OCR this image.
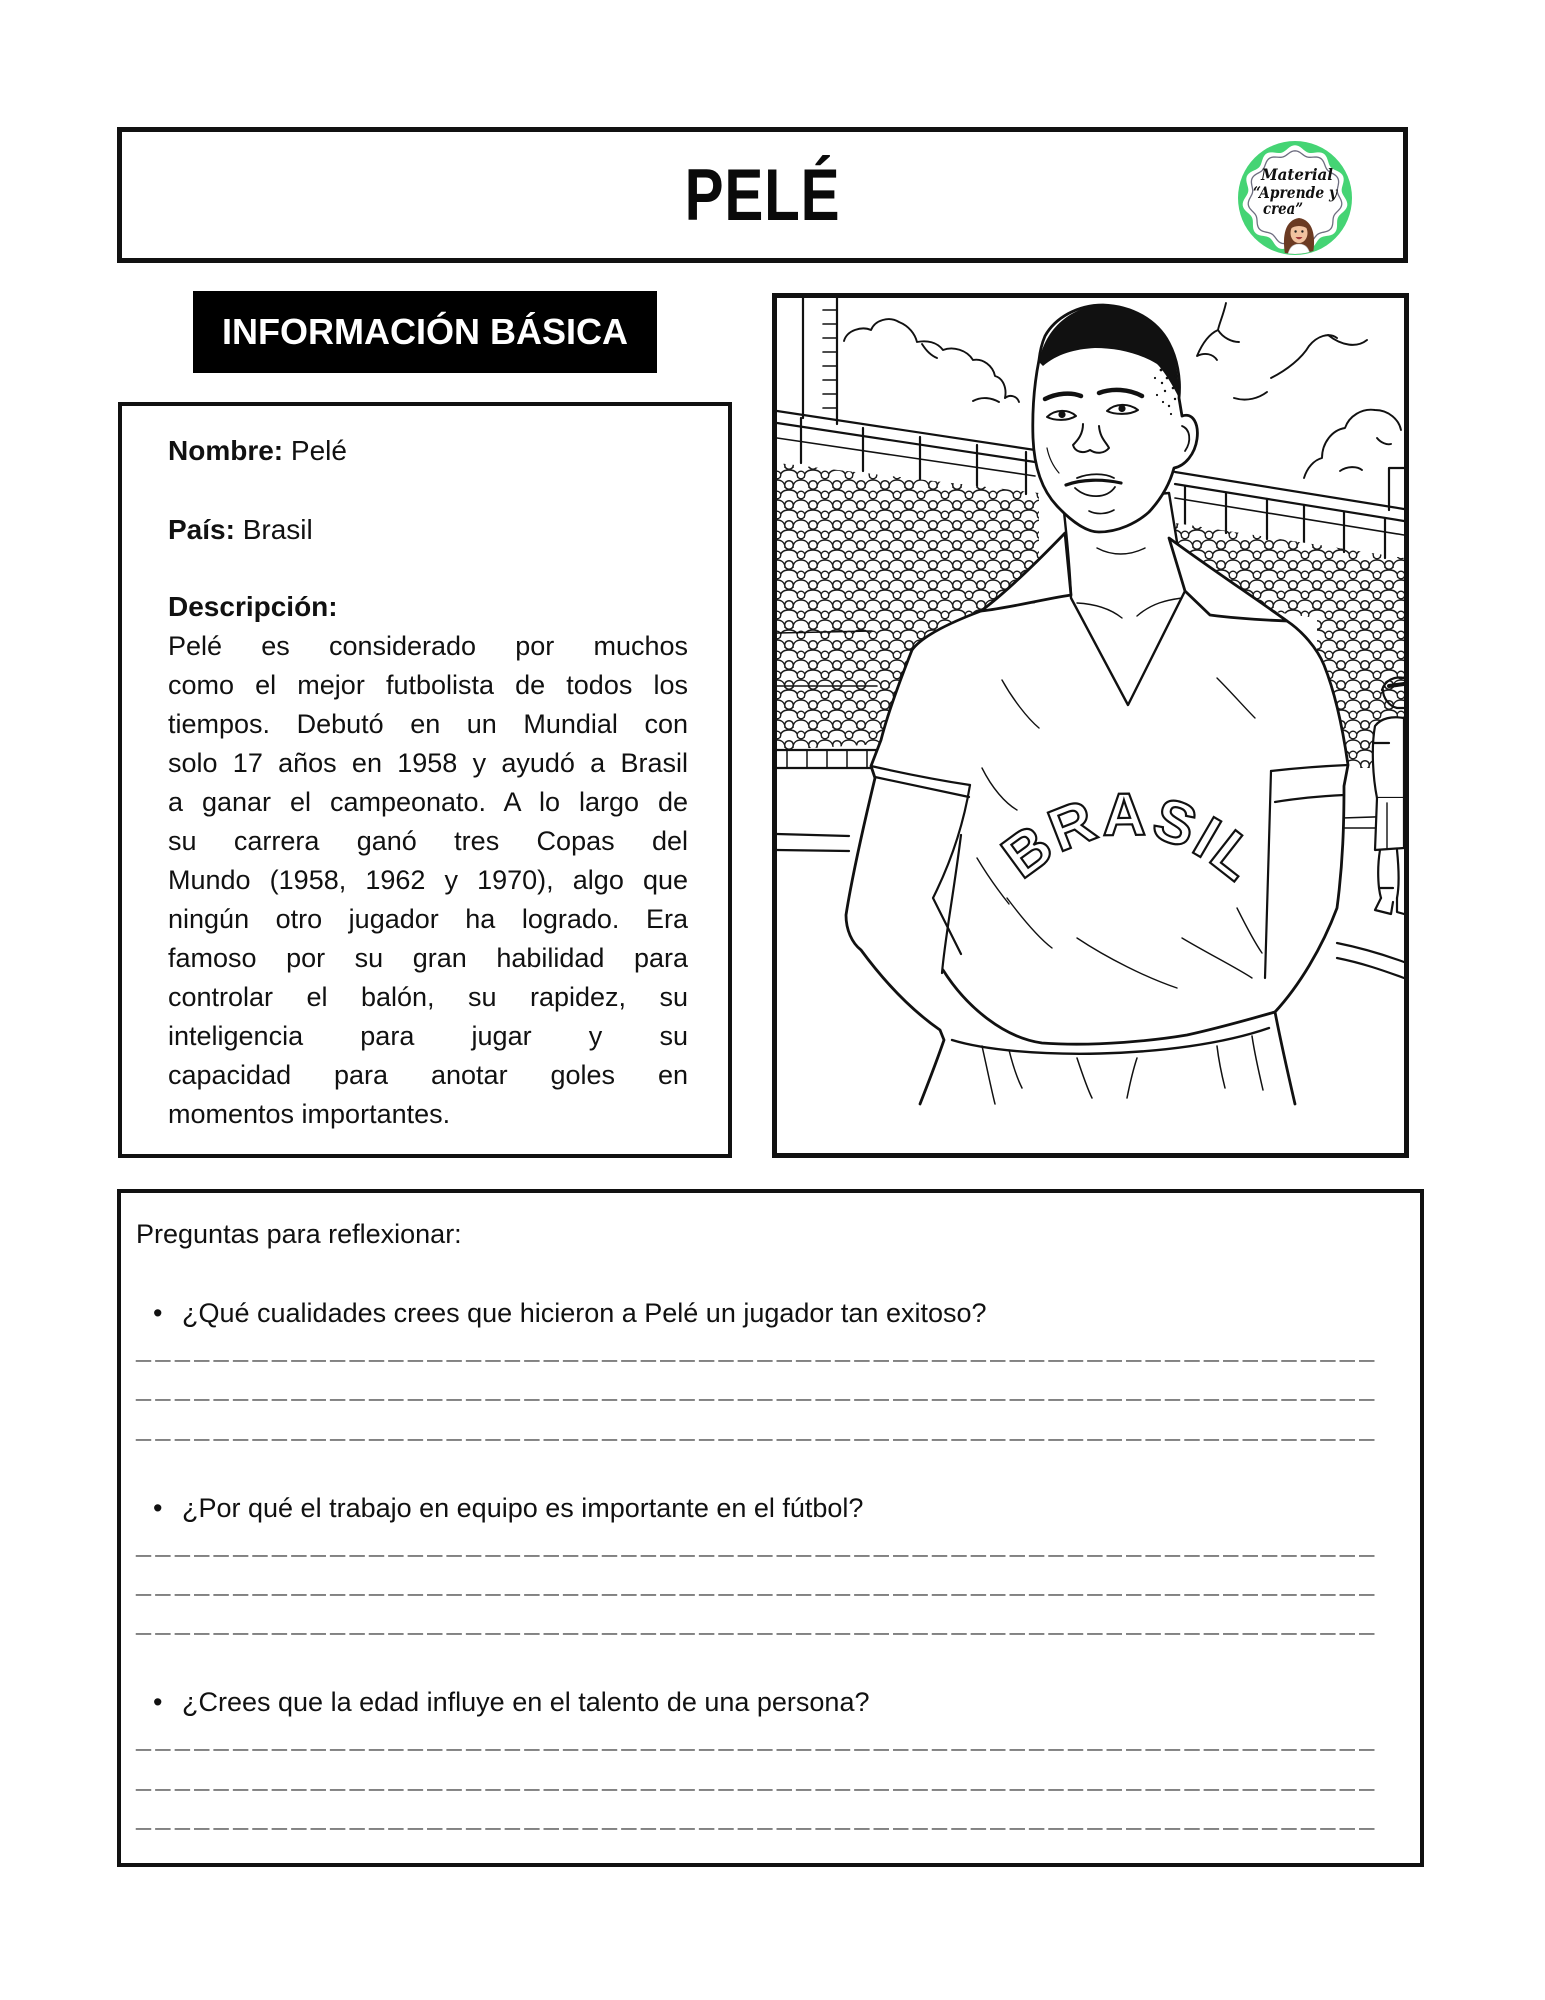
PELÉ	Material
“Aprende y
crea”
INFORMACIÓN BÁSICA
Nombre: Pelé
País: Brasil
Descripción:
Pelé es considerado por muchos
como el mejor futbolista de todos los
tiempos. Debutó en un Mundial con
solo 17 años en 1958 y ayudó a Brasil
a ganar el campeonato. A lo largo de
su carrera ganó tres Copas del
Mundo (1958, 1962 y 1970), algo que
ningún otro jugador ha logrado. Era
famoso por su gran habilidad para
controlar el balón, su rapidez, su
inteligencia para jugar y su
capacidad para anotar goles en
momentos importantes.
BRASIL
Preguntas para reflexionar:
•
¿Qué cualidades crees que hicieron a Pelé un jugador tan exitoso?
________________________________________________________________
________________________________________________________________
________________________________________________________________
•
¿Por qué el trabajo en equipo es importante en el fútbol?
________________________________________________________________
________________________________________________________________
________________________________________________________________
•
¿Crees que la edad influye en el talento de una persona?
________________________________________________________________
________________________________________________________________
________________________________________________________________
